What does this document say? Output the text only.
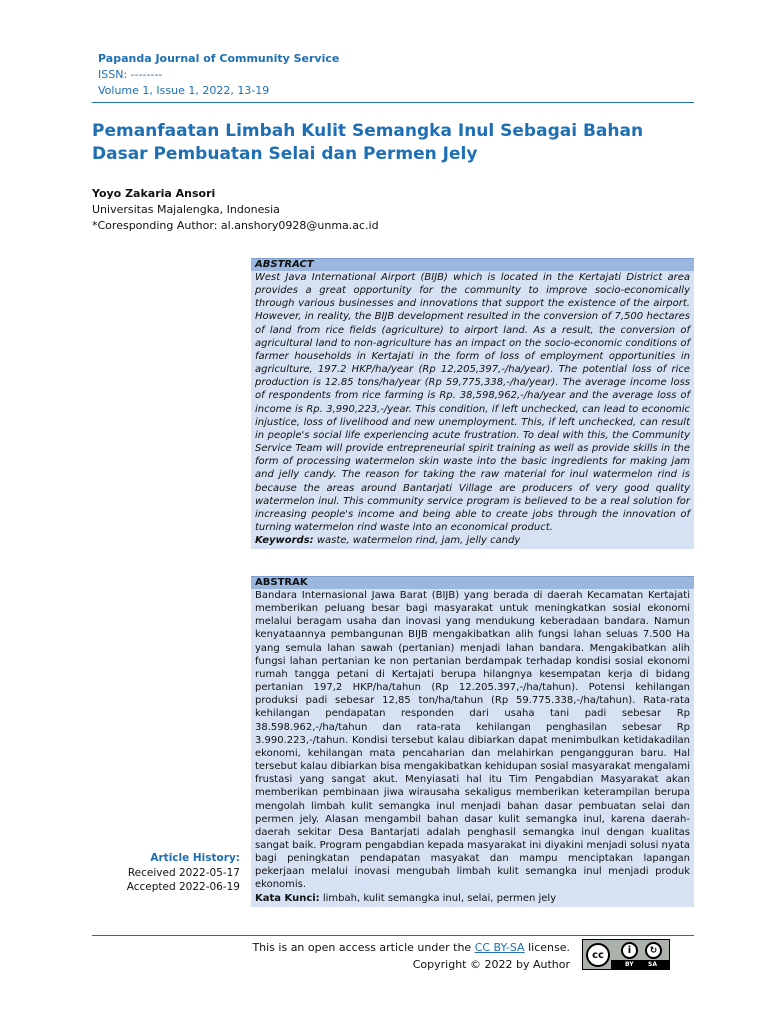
Papanda Journal of Community Service
ISSN: --------
Volume 1, Issue 1, 2022, 13-19
Pemanfaatan Limbah Kulit Semangka Inul Sebagai Bahan Dasar Pembuatan Selai dan Permen Jely
Yoyo Zakaria Ansori
Universitas Majalengka, Indonesia
*Coresponding Author: al.anshory0928@unma.ac.id
ABSTRACT
West Java International Airport (BIJB) which is located in the Kertajati District area provides a great opportunity for the community to improve socio-economically through various businesses and innovations that support the existence of the airport. However, in reality, the BIJB development resulted in the conversion of 7,500 hectares of land from rice fields (agriculture) to airport land. As a result, the conversion of agricultural land to non-agriculture has an impact on the socio-economic conditions of farmer households in Kertajati in the form of loss of employment opportunities in agriculture, 197.2 HKP/ha/year (Rp 12,205,397,-/ha/year). The potential loss of rice production is 12.85 tons/ha/year (Rp 59,775,338,-/ha/year). The average income loss of respondents from rice farming is Rp. 38,598,962,-/ha/year and the average loss of income is Rp. 3,990,223,-/year. This condition, if left unchecked, can lead to economic injustice, loss of livelihood and new unemployment. This, if left unchecked, can result in people's social life experiencing acute frustration. To deal with this, the Community Service Team will provide entrepreneurial spirit training as well as provide skills in the form of processing watermelon skin waste into the basic ingredients for making jam and jelly candy. The reason for taking the raw material for inul watermelon rind is because the areas around Bantarjati Village are producers of very good quality watermelon inul. This community service program is believed to be a real solution for increasing people's income and being able to create jobs through the innovation of turning watermelon rind waste into an economical product.
Keywords: waste, watermelon rind, jam, jelly candy
ABSTRAK
Bandara Internasional Jawa Barat (BIJB) yang berada di daerah Kecamatan Kertajati memberikan peluang besar bagi masyarakat untuk meningkatkan sosial ekonomi melalui beragam usaha dan inovasi yang mendukung keberadaan bandara. Namun kenyataannya pembangunan BIJB mengakibatkan alih fungsi lahan seluas 7.500 Ha yang semula lahan sawah (pertanian) menjadi lahan bandara. Mengakibatkan alih fungsi lahan pertanian ke non pertanian berdampak terhadap kondisi sosial ekonomi rumah tangga petani di Kertajati berupa hilangnya kesempatan kerja di bidang pertanian 197,2 HKP/ha/tahun (Rp 12.205.397,-/ha/tahun). Potensi kehilangan produksi padi sebesar 12,85 ton/ha/tahun (Rp 59.775.338,-/ha/tahun). Rata-rata kehilangan pendapatan responden dari usaha tani padi sebesar Rp 38.598.962,-/ha/tahun dan rata-rata kehilangan penghasilan sebesar Rp 3.990.223,-/tahun. Kondisi tersebut kalau dibiarkan dapat menimbulkan ketidakadilan ekonomi, kehilangan mata pencaharian dan melahirkan pengangguran baru. Hal tersebut kalau dibiarkan bisa mengakibatkan kehidupan sosial masyarakat mengalami frustasi yang sangat akut. Menyiasati hal itu Tim Pengabdian Masyarakat akan memberikan pembinaan jiwa wirausaha sekaligus memberikan keterampilan berupa mengolah limbah kulit semangka inul menjadi bahan dasar pembuatan selai dan permen jely. Alasan mengambil bahan dasar kulit semangka inul, karena daerah-daerah sekitar Desa Bantarjati adalah penghasil semangka inul dengan kualitas sangat baik. Program pengabdian kepada masyarakat ini diyakini menjadi solusi nyata bagi peningkatan pendapatan masyakat dan mampu menciptakan lapangan pekerjaan melalui inovasi mengubah limbah kulit semangka inul menjadi produk ekonomis.
Kata Kunci: limbah, kulit semangka inul, selai, permen jely
Article History:
Received 2022-05-17
Accepted 2022-06-19
This is an open access article under the CC BY-SA license.
Copyright © 2022 by Author
cc	i	↻
BY SA
